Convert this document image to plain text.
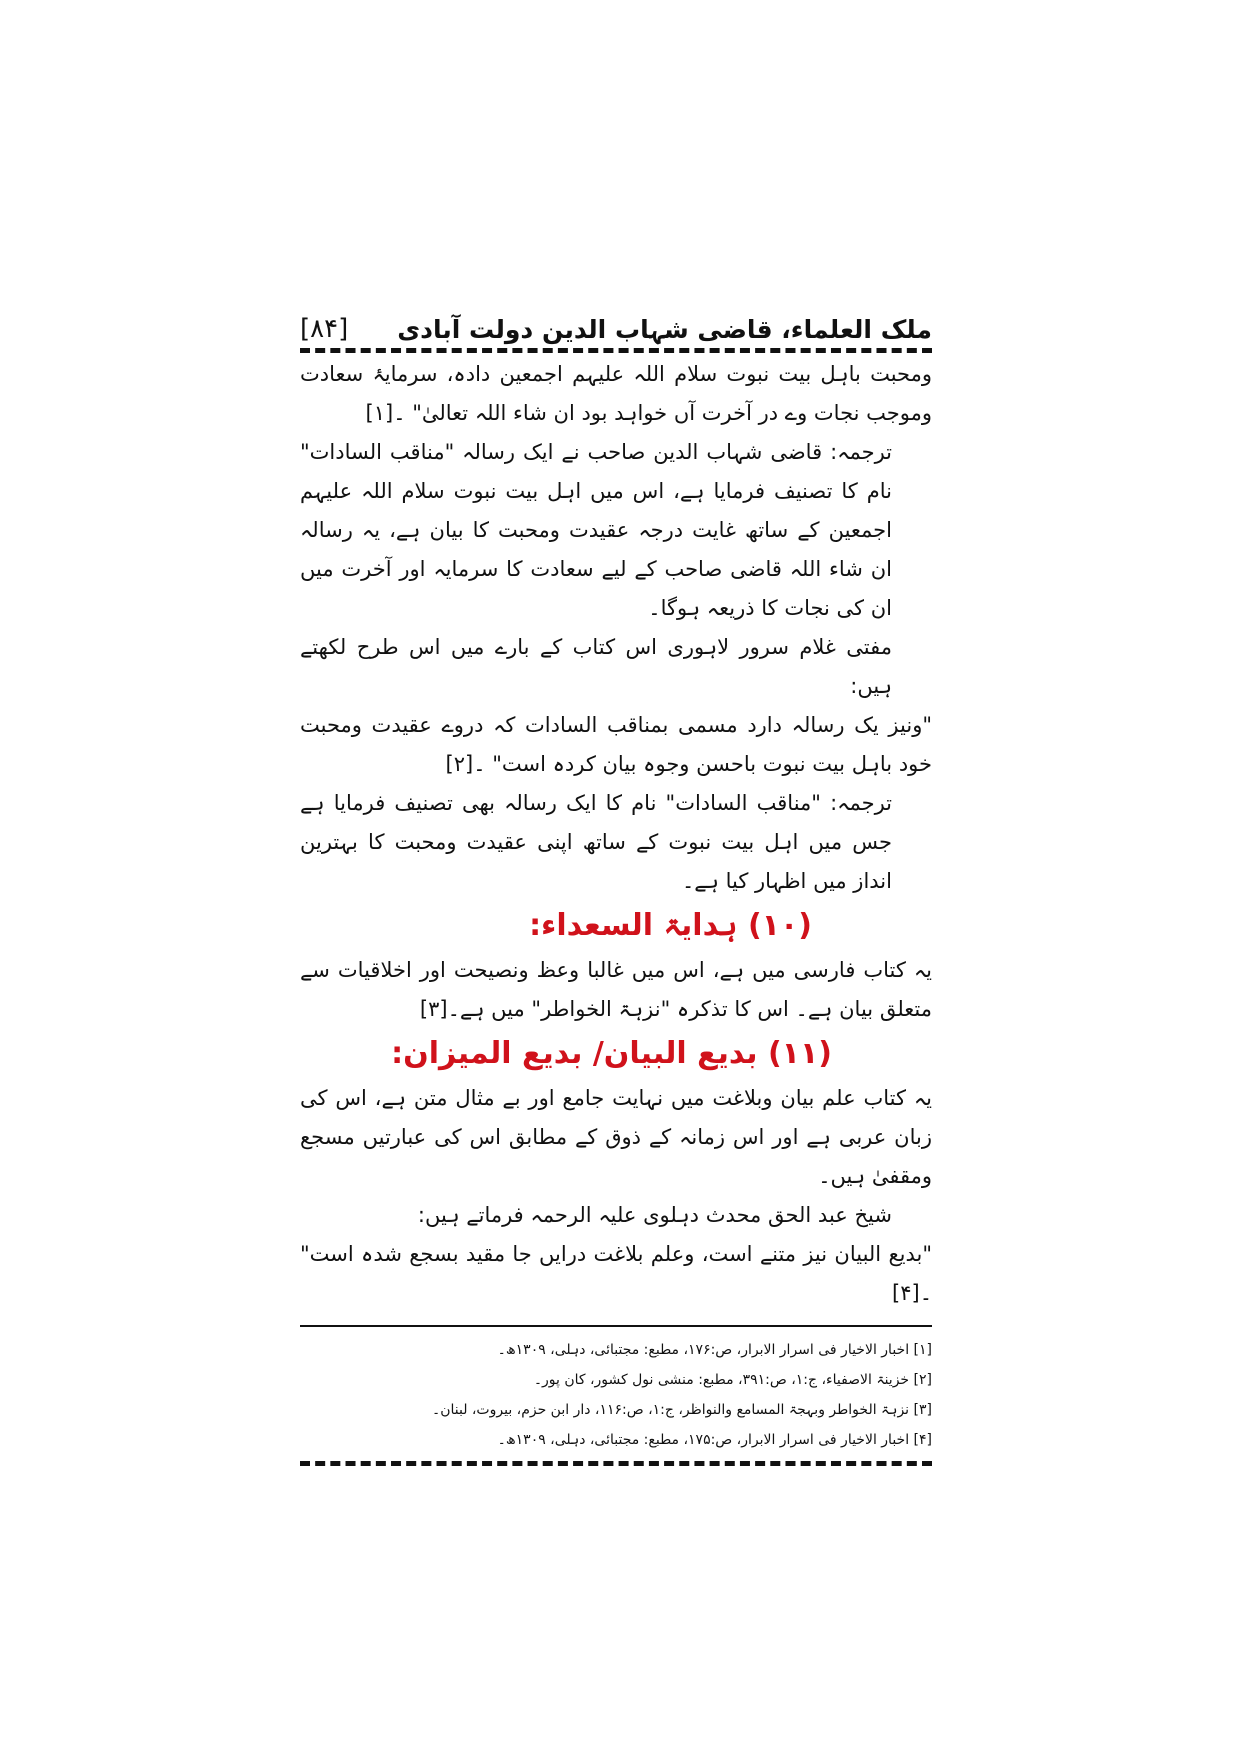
ملک العلماء، قاضی شہاب الدین دولت آبادی
[۸۴]

ومحبت باہل بیت نبوت سلام اللہ علیہم اجمعین دادہ، سرمایۂ سعادت وموجب نجات وے در آخرت آں خواہد بود ان شاء اللہ تعالیٰ" ۔[۱]

ترجمہ: قاضی شہاب الدین صاحب نے ایک رسالہ "مناقب السادات" نام کا تصنیف فرمایا ہے، اس میں اہل بیت نبوت سلام اللہ علیہم اجمعین کے ساتھ غایت درجہ عقیدت ومحبت کا بیان ہے، یہ رسالہ ان شاء اللہ قاضی صاحب کے لیے سعادت کا سرمایہ اور آخرت میں ان کی نجات کا ذریعہ ہوگا۔

مفتی غلام سرور لاہوری اس کتاب کے بارے میں اس طرح لکھتے ہیں:

"ونیز یک رسالہ دارد مسمی بمناقب السادات کہ دروے عقیدت ومحبت خود باہل بیت نبوت باحسن وجوہ بیان کردہ است" ۔[۲]

ترجمہ: "مناقب السادات" نام کا ایک رسالہ بھی تصنیف فرمایا ہے جس میں اہل بیت نبوت کے ساتھ اپنی عقیدت ومحبت کا بہترین انداز میں اظہار کیا ہے۔

(۱۰) ہدایۃ السعداء:

یہ کتاب فارسی میں ہے، اس میں غالبا وعظ ونصیحت اور اخلاقیات سے متعلق بیان ہے۔ اس کا تذکرہ "نزہۃ الخواطر" میں ہے۔[۳]

(۱۱) بدیع البیان/ بدیع المیزان:

یہ کتاب علم بیان وبلاغت میں نہایت جامع اور بے مثال متن ہے، اس کی زبان عربی ہے اور اس زمانہ کے ذوق کے مطابق اس کی عبارتیں مسجع ومقفیٰ ہیں۔

شیخ عبد الحق محدث دہلوی علیہ الرحمہ فرماتے ہیں:

"بدیع البیان نیز متنے است، وعلم بلاغت درایں جا مقید بسجع شدہ است" ۔[۴]

[۱] اخبار الاخیار فی اسرار الابرار، ص:۱۷۶، مطبع: مجتبائی، دہلی، ۱۳۰۹ھ۔

[۲] خزینۃ الاصفیاء، ج:۱، ص:۳۹۱، مطبع: منشی نول کشور، کان پور۔

[۳] نزہۃ الخواطر وبہجۃ المسامع والنواظر، ج:۱، ص:۱۱۶، دار ابن حزم، بیروت، لبنان۔

[۴] اخبار الاخیار فی اسرار الابرار، ص:۱۷۵، مطبع: مجتبائی، دہلی، ۱۳۰۹ھ۔
